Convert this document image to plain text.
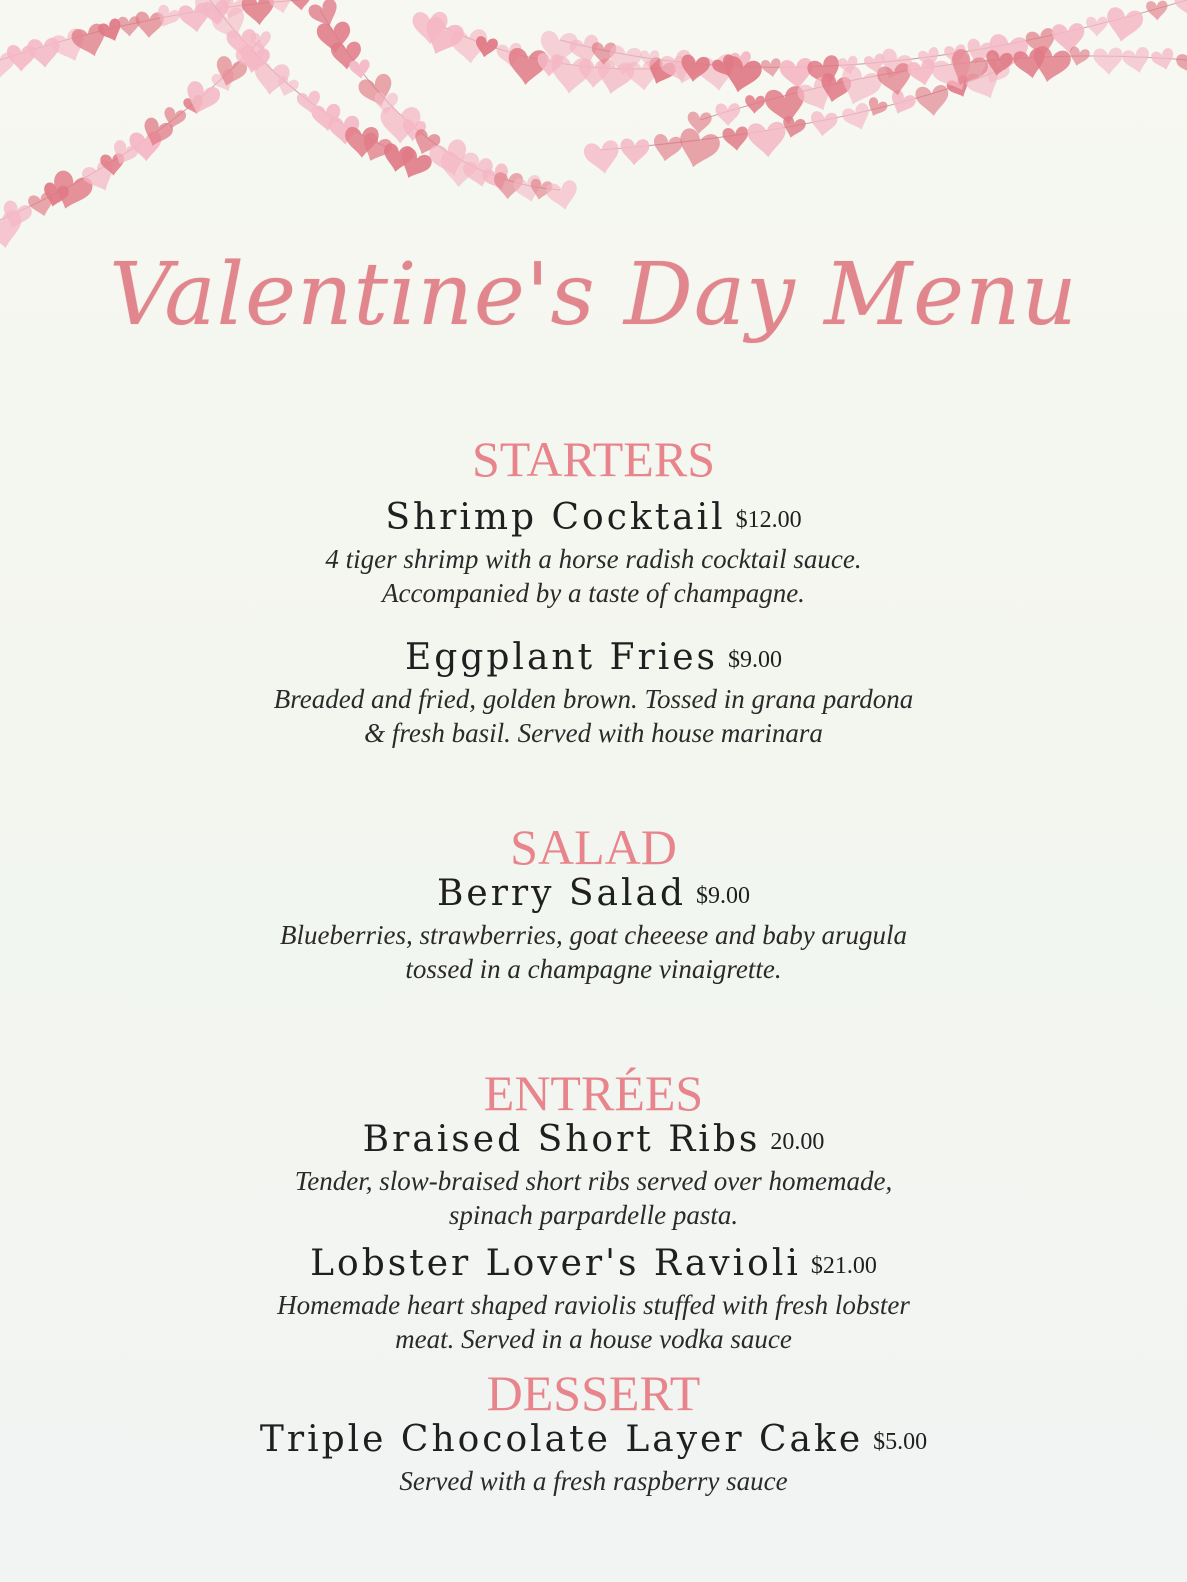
Valentine's Day Menu

STARTERS

Shrimp Cocktail $12.00

4 tiger shrimp with a horse radish cocktail sauce.

Accompanied by a taste of champagne.

Eggplant Fries $9.00

Breaded and fried, golden brown. Tossed in grana pardona

& fresh basil. Served with house marinara

SALAD

Berry Salad $9.00

Blueberries, strawberries, goat cheeese and baby arugula

tossed in a champagne vinaigrette.

ENTRÉES

Braised Short Ribs 20.00

Tender, slow-braised short ribs served over homemade,

spinach parpardelle pasta.

Lobster Lover's Ravioli $21.00

Homemade heart shaped raviolis stuffed with fresh lobster

meat. Served in a house vodka sauce

DESSERT

Triple Chocolate Layer Cake $5.00

Served with a fresh raspberry sauce
